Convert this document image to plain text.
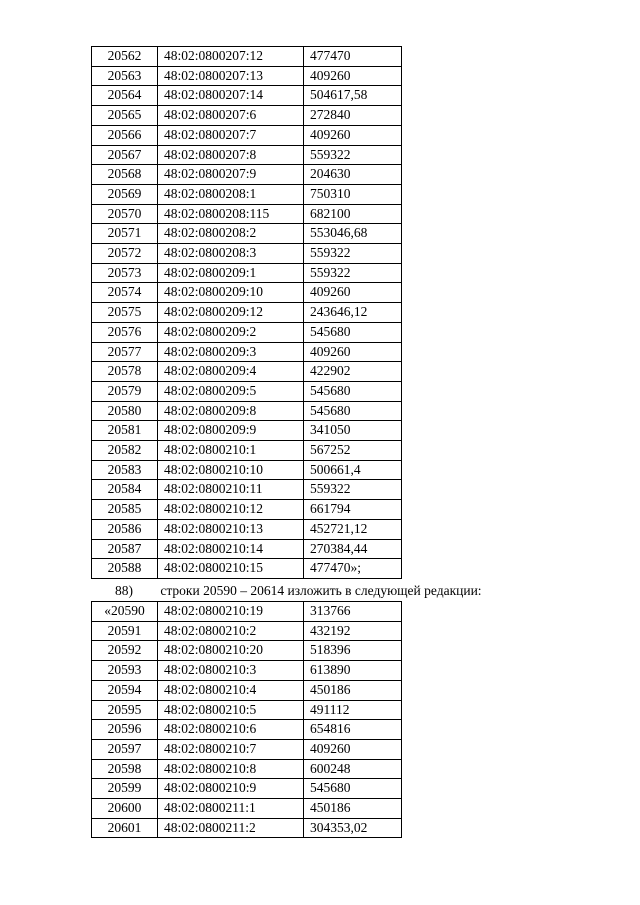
20562	48:02:0800207:12	477470
20563	48:02:0800207:13	409260
20564	48:02:0800207:14	504617,58
20565	48:02:0800207:6	272840
20566	48:02:0800207:7	409260
20567	48:02:0800207:8	559322
20568	48:02:0800207:9	204630
20569	48:02:0800208:1	750310
20570	48:02:0800208:115	682100
20571	48:02:0800208:2	553046,68
20572	48:02:0800208:3	559322
20573	48:02:0800209:1	559322
20574	48:02:0800209:10	409260
20575	48:02:0800209:12	243646,12
20576	48:02:0800209:2	545680
20577	48:02:0800209:3	409260
20578	48:02:0800209:4	422902
20579	48:02:0800209:5	545680
20580	48:02:0800209:8	545680
20581	48:02:0800209:9	341050
20582	48:02:0800210:1	567252
20583	48:02:0800210:10	500661,4
20584	48:02:0800210:11	559322
20585	48:02:0800210:12	661794
20586	48:02:0800210:13	452721,12
20587	48:02:0800210:14	270384,44
20588	48:02:0800210:15	477470»;
88) строки 20590 – 20614 изложить в следующей редакции:
«20590	48:02:0800210:19	313766
20591	48:02:0800210:2	432192
20592	48:02:0800210:20	518396
20593	48:02:0800210:3	613890
20594	48:02:0800210:4	450186
20595	48:02:0800210:5	491112
20596	48:02:0800210:6	654816
20597	48:02:0800210:7	409260
20598	48:02:0800210:8	600248
20599	48:02:0800210:9	545680
20600	48:02:0800211:1	450186
20601	48:02:0800211:2	304353,02
